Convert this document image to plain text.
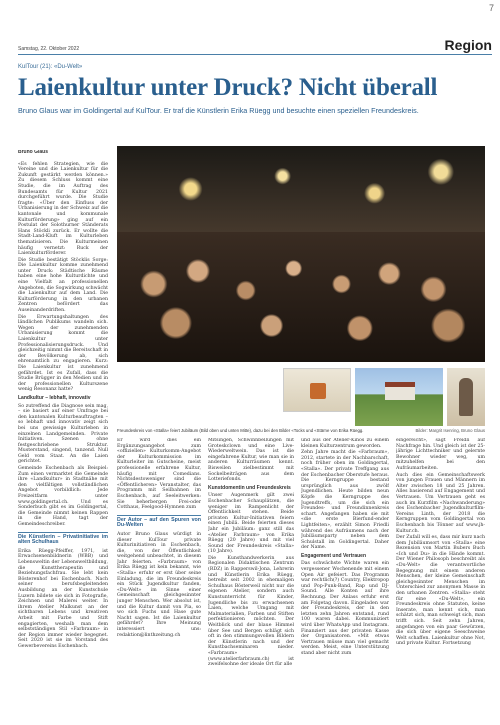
7
Samstag, 22. Oktober 2022	Region
KulTour (21): «Du-Welt»
Laienkultur unter Druck? Nicht überall
Bruno Glaus war im Goldingertal auf KulTour. Er traf die Künstlerin Erika Rüegg und besuchte einen speziellen Freundeskreis.
Bruno Glaus

«Es fehlen Strategien, wie die Vereine und die Laienkultur für die Zukunft gestärkt werden können.» Zu diesem Schluss kommt eine Studie, die im Auftrag des Bundesamts für Kultur 2021 durchgeführt wurde. Die Studie fragte: «Über den Einfluss der Urbanisierung in der Schweiz auf die kantonale und kommunale Kulturförderung» ging auf ein Postulat der Solothurner Ständerats Hans Stöckli zurück. Er wollte die Stadt-Land-Kluft im Kulturleben thematisieren. Die Kulturmeinen häufig vernetzt: Ruck der Laienkulturförderer.

Die Studie bestätigt Stöcklis Sorge: Die Laienkultur komme zunehmend unter Druck: Städtische Räume haben eine hohe Kulturdichte und eine Vielfalt an professionellen Angeboten, die Sogwirkung schwächt die Laienkultur auf dem Land. Die Kulturförderung in den urbanen Zentren befördert das Auseinanderdriften.

Die Erwartungshaltungen des ländlichen Publikums wandeln sich. Wegen der zunehmenden Urbanisierung kommt die Laienkultur unter Professionalisierungsdruck. Und gleichzeitig nimmt die Bereitschaft in der Bevölkerung ab, sich ehrenamtlich zu engagieren. Kurz: Die Laienkultur ist zunehmend gefährdet. Ist es Zufall, dass die Studie Brügger in den Medien und in der professionellen Kulturszene wenig Resonanz hatte?

Landkultur – lebhaft, innovativ

So zutreffend die Diagnose sein mag, – sie basiert auf einer Umfrage bei den kantonalen Kulturbeauftragten – so lebhaft und innovativ zeigt sich bei uns gewissige Kulturleben in einzelnen Landgemeinden. Private Initiativen. Szenen ohne festgeschriebene Struktur. Musterstand, singend, tanzend. Null Geld vom Staat. An die Laien gerichtet.

Gemeinde Eschenbach als Beispiel: Zum einen vermarktet die Gemeinde ihre «Landkultur» in Stadtnähe mit den vielfältigen vollständlichen Angebot vorbildlich: Jede Freizeitfarm unter www.goldingertal.ch. Und es Sonderbuch gibt es im Goldingertal, die Gemeinde nimmt keinen Rappen in die Hand, tagt der Gemeindeschreiber.

Die Künstlerin – Privatinitiative im alten Schulhaus

Erika Rüegg-Pfeiffer, 1971, ist Erwachsenenbildnerin (WBB) und Lebensweltin der Lebensweltbildung, die Kunsttherapeutin und Beziehungsfachfrau. Sie lebt kein Bösterenhof bei Eschenbach. Nach seiner berufsbegleitenden Ausbildung an der Kunstschule Luzern bildete sie sich in Fotografie, Zeichnen und Malerei weiter. In ihrem Atelier Malkunst an der sichtbaren Lebens und kreativen Arbeit mit Farbe und Stift engagierten, weshalb man dem selbstständigen Stil «Farbraum» in der Region immer wieder begegnet. Seit 2020 ist sie im Vorstand des Gewerbevereins Eschenbach.

Freundeskreis von «Stalla» feiert Jubiläum (Bild oben und unten Mitte), dazu bei den Bilder «Tocks und «Stärne von Erika Rüegg.	Bilder: Margrit Isenring, Bruno Glaus

Er wird dies ein Ergänzungsangebot zum «offiziellen» Kulturkomm-Angebot der Kulturkommission im Kulturleiter im Gutscheine, meist professionelle erfahrene Kultur, häufig mit Comedians. Nichtsdestoweniger sind die «Öffentlicheren» Veranstalter, das Programm mit Seilbahnen im Eschenbach, auf Seeleitwerken: Sie beherbergen Frei-oder Cotthaus, Feelgood-Hymnen zum

Der Autor – auf den Spuren von Du-Welten

Autor Bruno Glaus würdigt in dieser KulTour private Kulturinitiativen in Eschenbach, die, von der Öffentlichkeit weitgehend unbeachtet, in diesem Jahr feierten. «Farbraum» von Erika Rüegg ist kein bekannt, wie «Stalla» erfuhr er erst über seine Einladung, die im Freundeskreis ein Stück Jugendkultur fanden, «Du-Welt» im Sinne einer Gemeinschaft gleichgesinnter junger Menschen. Wer absolut ist, und die Kultur damit von Pia, so wo sich Fuchs und Hase gute Nacht sagen. Ist die Laienkultur gefährdet? Ihre Meinung interessiert uns: redaktion@linthzeitung.ch

Mitsingen, Schwinnbellungen mit Groteskclown und eine Live-Wiederweltwein. Das ist die eingefahrene Kultur, wie man sie in anderen Kulturräumen kennt. Bisweilen zielbestimmt mit Sockelbeiträgen aus dem Lotteriefonds.

Kunstdomentin und Freundeskreis

Unser Augenmerk gilt zwei Eschenbacher Schauplätzen, die weniger im Rampenlicht der Öffentlichkeit stehen. Beide privaten Kultur-Initiativen feiern einen Jubilä. Beide feierten dieses Jahr ein Jubiläum: ganz still das «Atelier Farbraum» von Erika Rüegg (20 Jahre) und mit viel Sound der Freundeskreis «Stalla» (10 Jahre).

Die Kunsthandwerkerin aus Regionalen Didaktischen Zentrum (RDZ) in Rapperswil-Jona, Lehrerin und Künstlerin Erika Rüegg, betreibt seit 2002 in ehemaligen Schulhaus Bösterweil nicht nur die eigenen Atelier, sondern auch Kunstunterricht für Kinder, Jugendliche bis zu erwachsenen Laien, welche Umgang mit Malmaterialien, Farben und Stiften perfektionieren möchten. Der Weitblick und der blaue Himmel über See und Bergen schlägt sich oft in den stimmungsvollen Bildern der Künstlerin nach und der Kunstbachseminaren nieder. «Farbraum» (www.atelierfarbraum.ch) ist zweifelsohne der ideale Ort für alle

und aus der Atelier-Kinos zu einem kleinen Kulturzentrum geworden.

Zehn Jahre macht die «Farbraum», 2012, startete in der Nachbarschaft, noch früher oben im Goldingertal, «Stalla». Der private Treffgang aus der Eschenbacher Oberstufe heraus. Die Kerngruppe bestand ursprünglich aus zwölf Jugendlichen. Heute bilden neun Köpfe die Kerngruppe des Jugendtreffs, um die sich ein Freundes- und Freundinnenkreis schart. Angefangen haben sie mit «die erste Bierfund-ender Lightfeiten», erzählt Simon Friedli während des Aufräumens nach der Jubiläumsparty neben dem Schulstall im Goldingertal. Daher der Name.

Engagement und Vertrauen

Das schwächste Wichte waren ein vergessener Wochenende mit einem Open Air gefeiert. Das Programm war rechtlich(?) Country, Elektropop und Pop-Punk-Band, Rap und DJ-Sound. Alle Konten auf ihre Rechnung. Der Anlass erfuhr erst am Folgetag davon. Eingeladen war der Freundeskreis, der in den letzten zehn Jahren entstand, rund 100 waren dabei. Kommuniziert wird über WhatsApp und Instagram. Finanziert aus der privaten Kasse der Organisatoren. «Mit etwas Vertrauen müsse man viel gemacht werden. Meist, eine Unterstützung stand aber nicht zum

eingereicht», sagt Freidli auf Nachfrage hin. Und gleich ist der 25-jährige Lichttechniker und gelernte Bewohner wieder weg, um mitzuhelfen bei den Aufräumarbeiten.

Auch dies ein Gemeinschaftswerk von jungen Frauen und Männern im Alter zwischen 18 und 25 Jahren. Alles basierend auf Engagement und Vertrauen. Um Vertrauen geht es auch im Kurzfilm «Nachwanderung» des Eschenbacher Jugendkulturfilm-Vereins Linth, der 2018 die Kerngruppen vom Goldingertal von Eschenbach bis Tönner auf www.jh-Kultur.ch.

Der Zufall will es, dass mir kurz nach dem Jubiläumsort von «Stalla» eine Rezension von Martin Bubers Buch «Ich und Du» in die Hände kommt. Der Wiener Philosoph beschreibt als «Du-Welt» die verantwortliche Begegnung mit einem anderen Menschen, der kleine Gemeinschaft gleichgesinnter Menschen im Unterschied zur anonymen Masse in den urbanen Zentren. «Stalla» steht für eine «Du-Welt», ein Freundeskreis ohne Statuten, keine Inserate, man kennt sich, man schätzt sich, man schweigt sich, man trifft sich. Seit zehn Jahren, angefangen von ein paar Gewürzen, die sich über eigene Seeschweine Welt schaffen. Laienkultur ohne Not, und private Kultur. Fortsetzung
